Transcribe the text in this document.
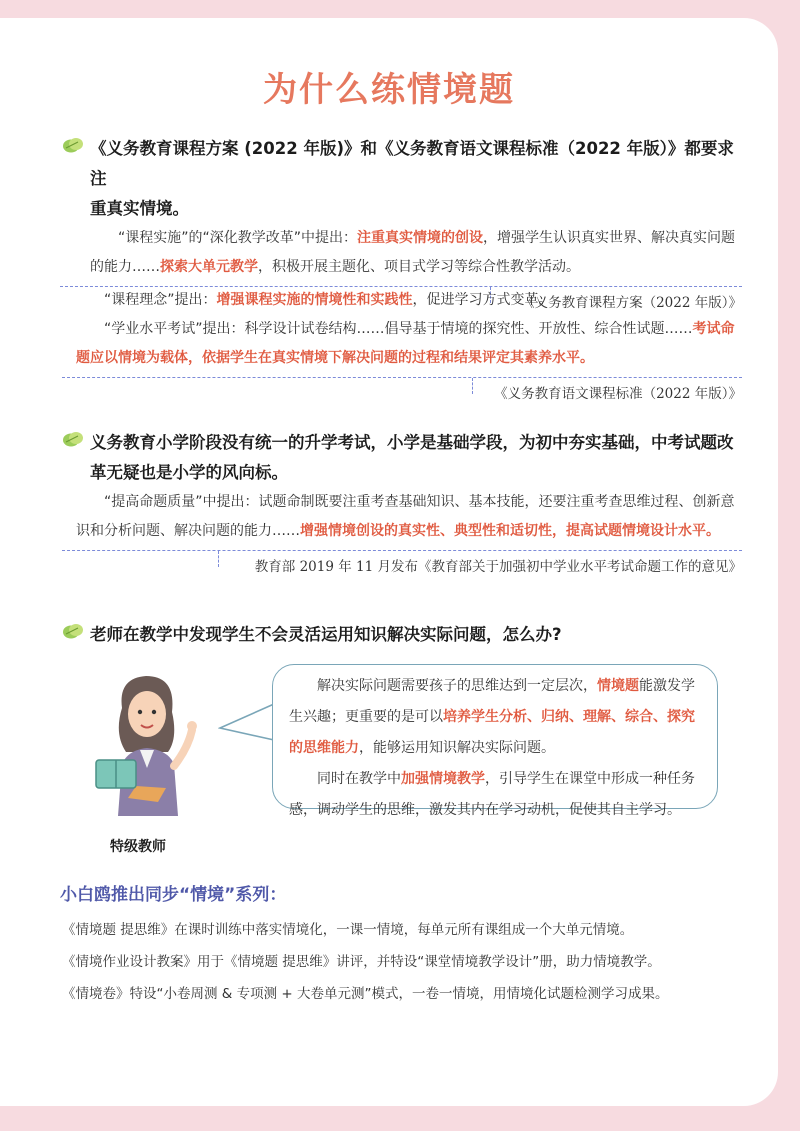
为什么练情境题

《义务教育课程方案 (2022 年版)》和《义务教育语文课程标准（2022 年版）》都要求注
重真实情境。

“课程实施”的“深化教学改革”中提出：注重真实情境的创设，增强学生认识真实世界、解决真实问题的能力……探索大单元教学，积极开展主题化、项目式学习等综合性教学活动。

《义务教育课程方案（2022 年版）》

“课程理念”提出：增强课程实施的情境性和实践性，促进学习方式变革。

“学业水平考试”提出：科学设计试卷结构……倡导基于情境的探究性、开放性、综合性试题……考试命题应以情境为载体，依据学生在真实情境下解决问题的过程和结果评定其素养水平。

《义务教育语文课程标准（2022 年版）》

义务教育小学阶段没有统一的升学考试，小学是基础学段，为初中夯实基础，中考试题改
革无疑也是小学的风向标。

“提高命题质量”中提出：试题命制既要注重考查基础知识、基本技能，还要注重考查思维过程、创新意识和分析问题、解决问题的能力……增强情境创设的真实性、典型性和适切性，提高试题情境设计水平。

教育部 2019 年 11 月发布《教育部关于加强初中学业水平考试命题工作的意见》

老师在教学中发现学生不会灵活运用知识解决实际问题，怎么办?

特级教师

解决实际问题需要孩子的思维达到一定层次，情境题能激发学生兴趣；更重要的是可以培养学生分析、归纳、理解、综合、探究的思维能力，能够运用知识解决实际问题。

同时在教学中加强情境教学，引导学生在课堂中形成一种任务感，调动学生的思维，激发其内在学习动机，促使其自主学习。

小白鸥推出同步“情境”系列：
《情境题 提思维》在课时训练中落实情境化，一课一情境，每单元所有课组成一个大单元情境。
《情境作业设计教案》用于《情境题 提思维》讲评，并特设“课堂情境教学设计”册，助力情境教学。
《情境卷》特设“小卷周测 & 专项测 + 大卷单元测”模式，一卷一情境，用情境化试题检测学习成果。
